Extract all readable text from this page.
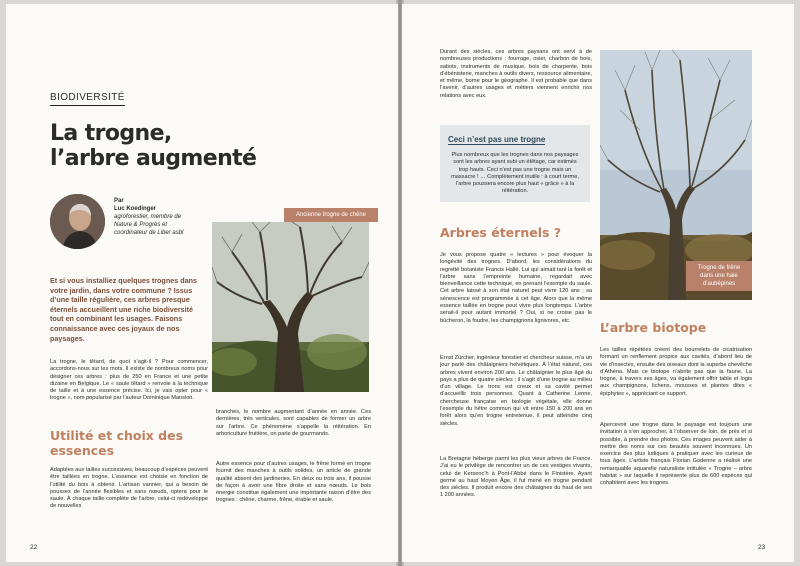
BIODIVERSITÉ
La trogne,
l’arbre augmenté
Par
Luc Koedinger
agroforestier, membre de Nature & Progrès et coordinateur de Liber asbl
Et si vous installiez quelques trognes dans votre jardin, dans votre commune ? Issus d’une taille régulière, ces arbres presque éternels accueillent une riche biodiversité tout en combinant les usages. Faisons connaissance avec ces joyaux de nos paysages.
La trogne, le têtard, de quoi s’agit-il ? Pour commencer, accordons-nous sur les mots. Il existe de nombreux noms pour désigner ces arbres : plus de 250 en France et une petite dizaine en Belgique. Le « saule têtard » renvoie à la technique de taille et à une essence précise. Ici, je vais opter pour « trogne », nom popularisé par l’auteur Dominique Mansion.
Utilité et choix des essences
Adaptées aux tailles successives, beaucoup d’espèces peuvent être taillées en trogne. L’essence est choisie en fonction de l’utilité du bois à obtenir. L’artisan vannier, qui a besoin de pousses de l’année flexibles et sans nœuds, optera pour le saule. À chaque taille complète de l’arbre, celui-ci redéveloppe de nouvelles
Ancienne trogne de chêne
branches, le nombre augmentant d’année en année. Ces dernières, très verticales, sont capables de former un arbre sur l’arbre. Ce phénomène s’appelle la réitération. En arboriculture fruitière, on parle de gourmands.
Autre essence pour d’autres usages, le frêne formé en trogne fournit des manches à outils solides, un article de grande qualité absent des jardineries. En deux ou trois ans, il pousse de façon à avoir une fibre droite et sans nœuds. Le bois énergie constitue également une importante raison d’être des trognes : chêne, charme, frêne, érable et saule.
22
Durant des siècles, ces arbres paysans ont servi à de nombreuses productions : fourrage, osier, charbon de bois, sabots, instruments de musique, bois de charpente, bois d’ébénisterie, manches à outils divers, ressource alimentaire, et même, borne pour le géographe. Il est probable que dans l’avenir, d’autres usages et métiers viennent enrichir nos relations avec eux.
Ceci n’est pas une trogne
Plus nombreux que les trognes dans nos paysages sont les arbres ayant subi un étêtage, car estimés trop hauts. Ceci n’est pas une trogne mais un massacre ! … Complètement inutile : à court terme, l’arbre poussera encore plus haut « grâce » à la réitération.
Arbres éternels ?
Je vous propose quatre « lectures » pour évoquer la longévité des trognes. D’abord, les considérations du regretté botaniste Francis Hallé. Lui qui aimait tant la forêt et l’arbre sans l’empreinte humaine, regardait avec bienveillance cette technique, en prenant l’exemple du saule. Cet arbre laissé à son état naturel peut vivre 120 ans ; sa sénescence est programmée à cet âge. Alors que la même essence taillée en trogne peut vivre plus longtemps. L’arbre serait-il pour autant immortel ? Oui, si ne croise pas le bûcheron, la foudre, les champignons lignivores, etc.
Ernst Zürcher, ingénieur forestier et chercheur suisse, m’a un jour parlé des châtaigniers helvétiques. À l’état naturel, ces arbres vivent environ 200 ans. Le châtaignier le plus âgé du pays a plus de quatre siècles ; il s’agit d’une trogne au milieu d’un village. Le tronc est creux et sa cavité permet d’accueillir trois personnes. Quant à Catherine Lenne, chercheuse française en biologie végétale, elle donne l’exemple du hêtre commun qui vit entre 150 à 200 ans en forêt alors qu’en trogne entretenue, il peut atteindre cinq siècles.
La Bretagne héberge parmi les plus vieux arbres de France. J’ai eu le privilège de rencontrer un de ces vestiges vivants, celui de Kerseoc’h à Pont-l’Abbé dans le Finistère. Ayant germé au haut Moyen Âge, il fut mené en trogne pendant des siècles. Il produit encore des châtaignes du haut de ses 1 200 années.
Trogne de frêne dans une haie d’aubépines
L’arbre biotope
Les tailles répétées créent des bourrelets de cicatrisation formant un renflement propice aux cavités, d’abord lieu de vie d’insectes, ensuite des oiseaux dont la superbe chevêche d’Athéna. Mais ce biotope n’abrite pas que la faune. La trogne, à travers ses âges, va également offrir table et logis aux champignons, lichens, mousses et plantes dites « épiphytes », appréciant ce support.
Apercevoir une trogne dans le paysage est toujours une invitation à s’en approcher, à l’observer de loin, de près et si possible, à prendre des photos. Ces images peuvent aider à mettre des noms sur ces beautés souvent inconnues. Un exercice des plus ludiques à pratiquer avec les curieux de tous âges. L’artiste français Florian Godenne a réalisé une remarquable aquarelle naturaliste intitulée « Trogne – arbre habitat » sur laquelle il représente plus de 600 espèces qui cohabitent avec les trognes.
23
